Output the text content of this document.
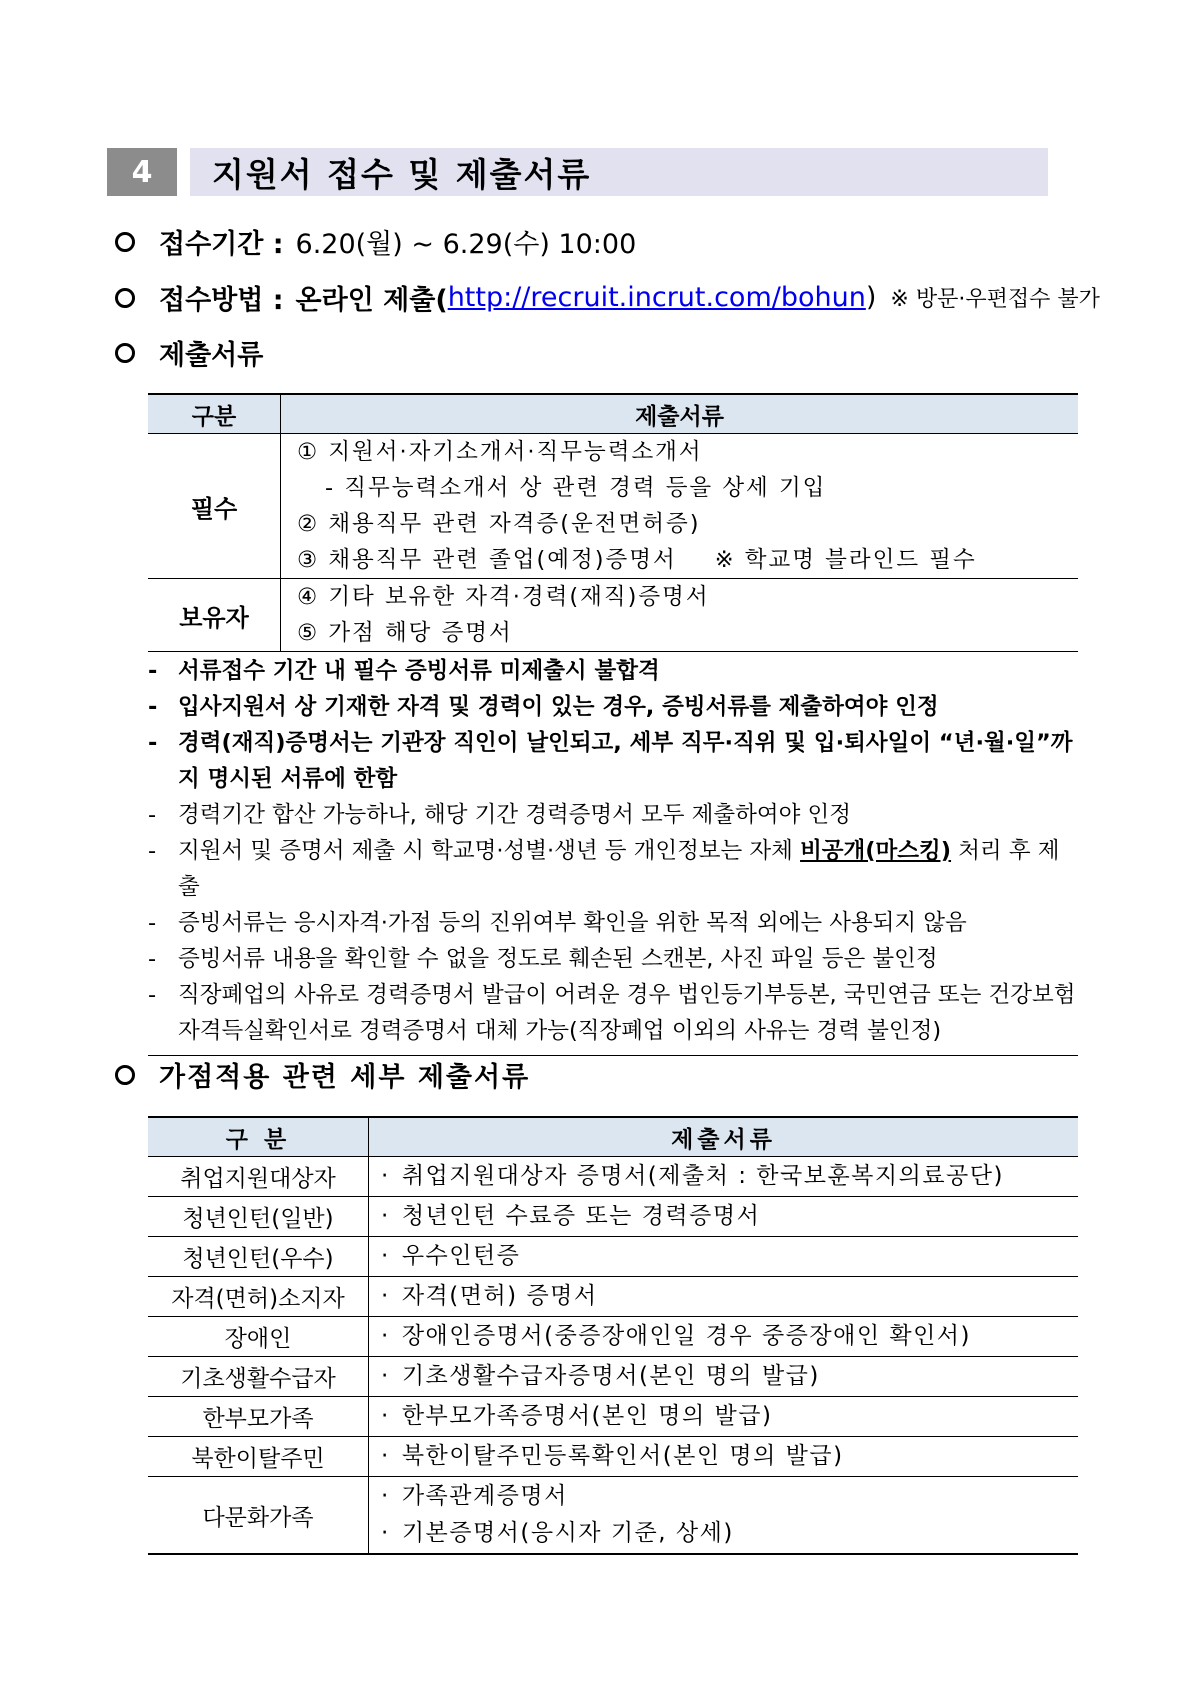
4	지원서 접수 및 제출서류
접수기간 : 6.20(월) ~ 6.29(수) 10:00
접수방법 : 온라인 제출( http://recruit.incrut.com/bohun ) ※ 방문·우편접수 불가
제출서류
구분	제출서류
필수	① 지원서·자기소개서·직무능력소개서
- 직무능력소개서 상 관련 경력 등을 상세 기입
② 채용직무 관련 자격증(운전면허증)
③ 채용직무 관련 졸업(예정)증명서 ※ 학교명 블라인드 필수

보유자	④ 기타 보유한 자격·경력(재직)증명서
⑤ 가점 해당 증명서
- 서류접수 기간 내 필수 증빙서류 미제출시 불합격
- 입사지원서 상 기재한 자격 및 경력이 있는 경우, 증빙서류를 제출하여야 인정
- 경력(재직)증명서는 기관장 직인이 날인되고, 세부 직무·직위 및 입·퇴사일이 “년·월·일”까지 명시된 서류에 한함
- 경력기간 합산 가능하나, 해당 기간 경력증명서 모두 제출하여야 인정
- 지원서 및 증명서 제출 시 학교명·성별·생년 등 개인정보는 자체 비공개(마스킹) 처리 후 제출
- 증빙서류는 응시자격·가점 등의 진위여부 확인을 위한 목적 외에는 사용되지 않음
- 증빙서류 내용을 확인할 수 없을 정도로 훼손된 스캔본, 사진 파일 등은 불인정
- 직장폐업의 사유로 경력증명서 발급이 어려운 경우 법인등기부등본, 국민연금 또는 건강보험자격득실확인서로 경력증명서 대체 가능(직장폐업 이외의 사유는 경력 불인정)
가점적용 관련 세부 제출서류
구 분	제출서류
취업지원대상자	· 취업지원대상자 증명서(제출처 : 한국보훈복지의료공단)

청년인턴(일반)	· 청년인턴 수료증 또는 경력증명서

청년인턴(우수)	· 우수인턴증

자격(면허)소지자	· 자격(면허) 증명서

장애인	· 장애인증명서(중증장애인일 경우 중증장애인 확인서)

기초생활수급자	· 기초생활수급자증명서(본인 명의 발급)

한부모가족	· 한부모가족증명서(본인 명의 발급)

북한이탈주민	· 북한이탈주민등록확인서(본인 명의 발급)

다문화가족	· 가족관계증명서
· 기본증명서(응시자 기준, 상세)
